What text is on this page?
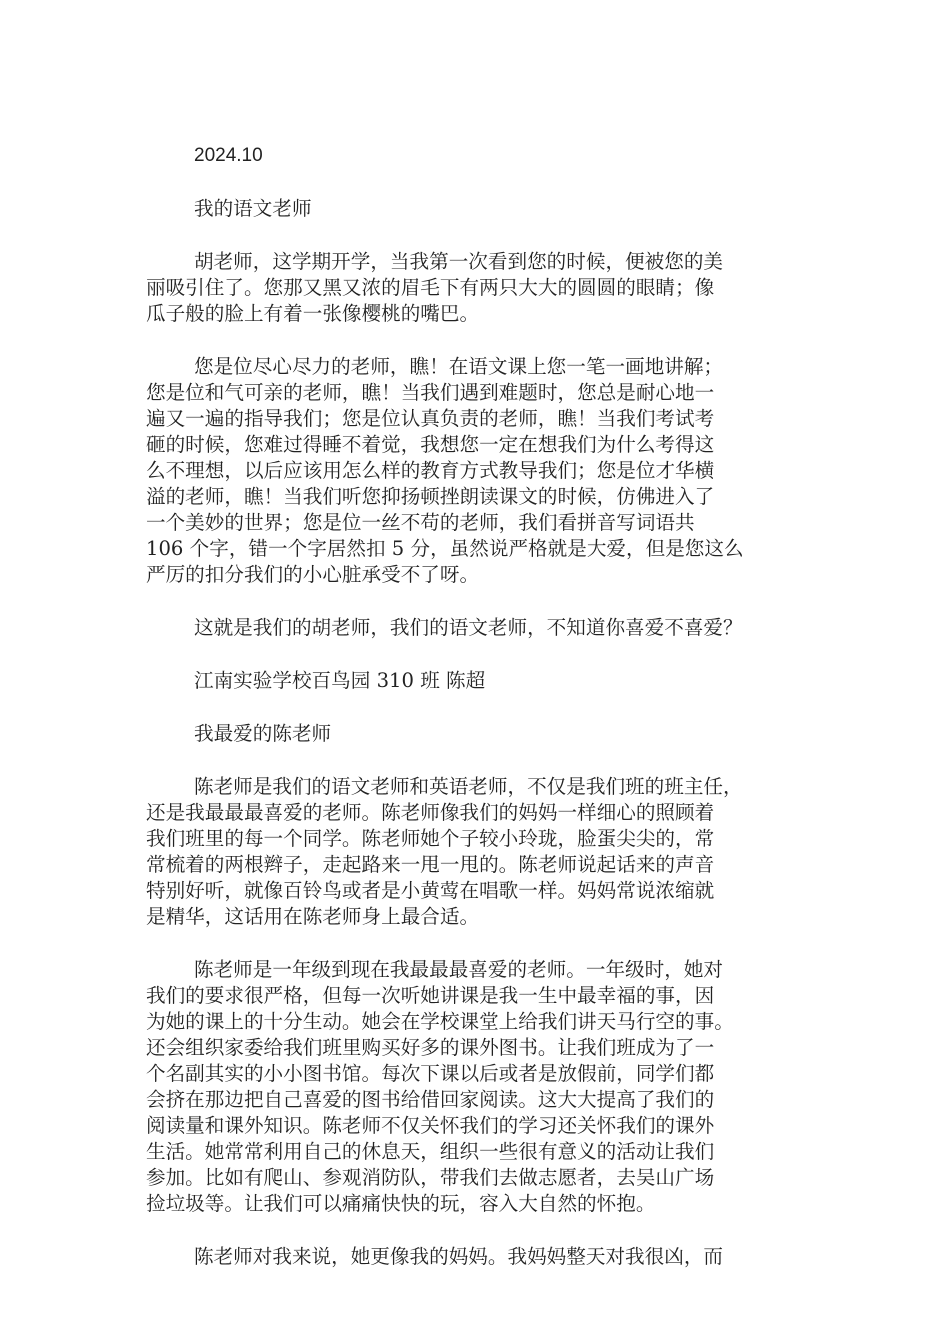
2024.10

我的语文老师

胡老师，这学期开学，当我第一次看到您的时候，便被您的美

丽吸引住了。您那又黑又浓的眉毛下有两只大大的圆圆的眼睛；像

瓜子般的脸上有着一张像樱桃的嘴巴。

您是位尽心尽力的老师，瞧！在语文课上您一笔一画地讲解；

您是位和气可亲的老师，瞧！当我们遇到难题时，您总是耐心地一

遍又一遍的指导我们；您是位认真负责的老师，瞧！当我们考试考

砸的时候，您难过得睡不着觉，我想您一定在想我们为什么考得这

么不理想，以后应该用怎么样的教育方式教导我们；您是位才华横

溢的老师，瞧！当我们听您抑扬顿挫朗读课文的时候，仿佛进入了

一个美妙的世界；您是位一丝不苟的老师，我们看拼音写词语共

106 个字，错一个字居然扣 5 分，虽然说严格就是大爱，但是您这么

严厉的扣分我们的小心脏承受不了呀。

这就是我们的胡老师，我们的语文老师，不知道你喜爱不喜爱？

江南实验学校百鸟园 310 班 陈超

我最爱的陈老师

陈老师是我们的语文老师和英语老师，不仅是我们班的班主任，

还是我最最最喜爱的老师。陈老师像我们的妈妈一样细心的照顾着

我们班里的每一个同学。陈老师她个子较小玲珑，脸蛋尖尖的，常

常梳着的两根辫子，走起路来一甩一甩的。陈老师说起话来的声音

特别好听，就像百铃鸟或者是小黄莺在唱歌一样。妈妈常说浓缩就

是精华，这话用在陈老师身上最合适。

陈老师是一年级到现在我最最最喜爱的老师。一年级时，她对

我们的要求很严格，但每一次听她讲课是我一生中最幸福的事，因

为她的课上的十分生动。她会在学校课堂上给我们讲天马行空的事。

还会组织家委给我们班里购买好多的课外图书。让我们班成为了一

个名副其实的小小图书馆。每次下课以后或者是放假前，同学们都

会挤在那边把自己喜爱的图书给借回家阅读。这大大提高了我们的

阅读量和课外知识。陈老师不仅关怀我们的学习还关怀我们的课外

生活。她常常利用自己的休息天，组织一些很有意义的活动让我们

参加。比如有爬山、参观消防队，带我们去做志愿者，去吴山广场

捡垃圾等。让我们可以痛痛快快的玩，容入大自然的怀抱。

陈老师对我来说，她更像我的妈妈。我妈妈整天对我很凶，而
